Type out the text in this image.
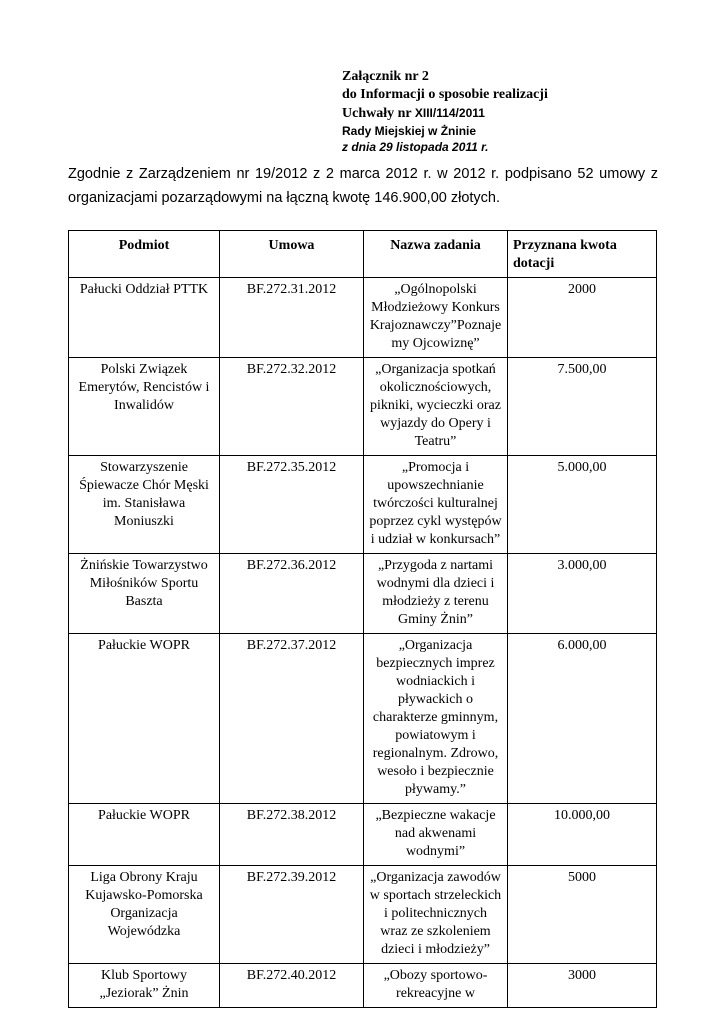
Załącznik nr 2
do Informacji o sposobie realizacji
Uchwały nr XIII/114/2011
Rady Miejskiej w Żninie
z dnia 29 listopada 2011 r.
Zgodnie z Zarządzeniem nr 19/2012 z 2 marca 2012 r. w 2012 r. podpisano 52 umowy z organizacjami pozarządowymi na łączną kwotę 146.900,00 złotych.
Podmiot	Umowa	Nazwa zadania	Przyznana kwota dotacji
Pałucki Oddział PTTK	BF.272.31.2012	„Ogólnopolski Młodzieżowy Konkurs Krajoznawczy”Poznaje my Ojcowiznę”	2000
Polski Związek Emerytów, Rencistów i Inwalidów	BF.272.32.2012	„Organizacja spotkań okolicznościowych, pikniki, wycieczki oraz wyjazdy do Opery i Teatru”	7.500,00
Stowarzyszenie Śpiewacze Chór Męski im. Stanisława Moniuszki	BF.272.35.2012	„Promocja i upowszechnianie twórczości kulturalnej poprzez cykl występów i udział w konkursach”	5.000,00
Żnińskie Towarzystwo Miłośników Sportu Baszta	BF.272.36.2012	„Przygoda z nartami wodnymi dla dzieci i młodzieży z terenu Gminy Żnin”	3.000,00
Pałuckie WOPR	BF.272.37.2012	„Organizacja bezpiecznych imprez wodniackich i pływackich o charakterze gminnym, powiatowym i regionalnym. Zdrowo, wesoło i bezpiecznie pływamy.”	6.000,00
Pałuckie WOPR	BF.272.38.2012	„Bezpieczne wakacje nad akwenami wodnymi”	10.000,00
Liga Obrony Kraju Kujawsko-Pomorska Organizacja Wojewódzka	BF.272.39.2012	„Organizacja zawodów w sportach strzeleckich i politechnicznych wraz ze szkoleniem dzieci i młodzieży”	5000
Klub Sportowy „Jeziorak” Żnin	BF.272.40.2012	„Obozy sportowo-rekreacyjne w	3000
